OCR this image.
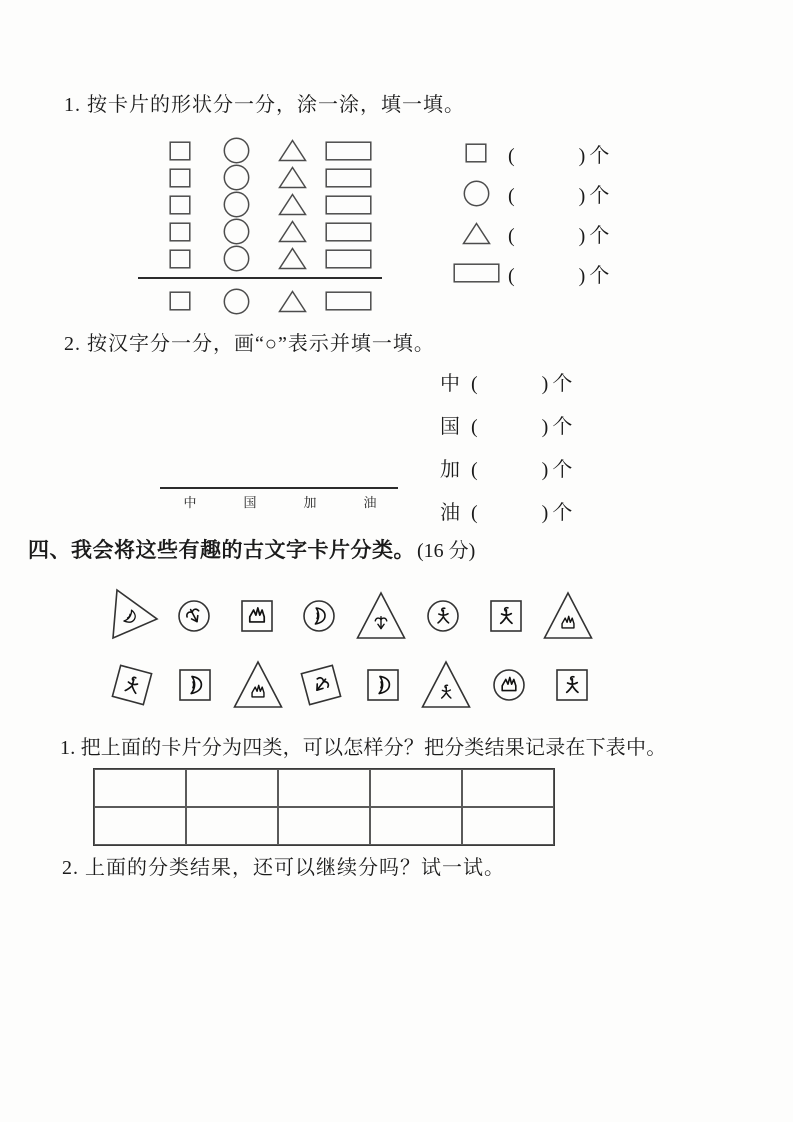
1. 按卡片的形状分一分，涂一涂，填一填。
(　　　) 个
(　　　) 个
(　　　) 个
(　　　) 个
2. 按汉字分一分，画“○”表示并填一填。
中	国	加	油
中 (　　　) 个
国 (　　　) 个
加 (　　　) 个
油 (　　　) 个
四、我会将这些有趣的古文字卡片分类。 (16 分)
1. 把上面的卡片分为四类，可以怎样分？把分类结果记录在下表中。
2. 上面的分类结果，还可以继续分吗？试一试。
